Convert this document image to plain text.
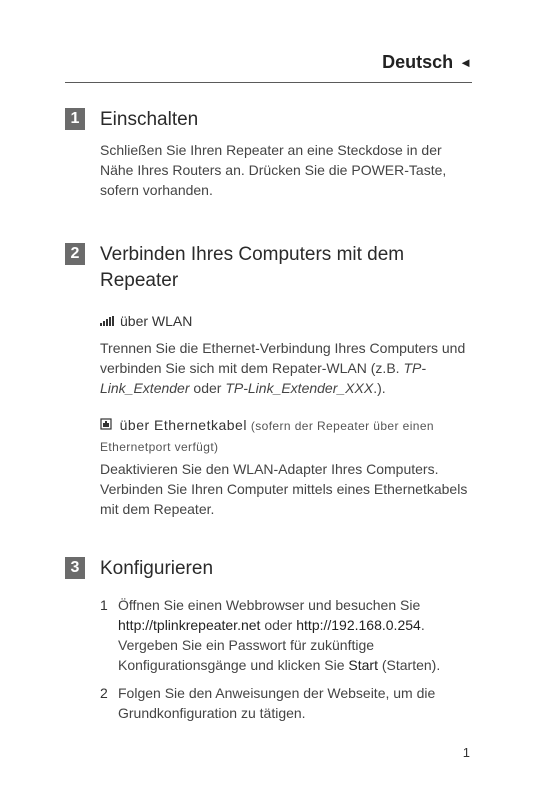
Deutsch ◄
1 Einschalten
Schließen Sie Ihren Repeater an eine Steckdose in der Nähe Ihres Routers an. Drücken Sie die POWER-Taste, sofern vorhanden.
2 Verbinden Ihres Computers mit dem Repeater
über WLAN
Trennen Sie die Ethernet-Verbindung Ihres Computers und verbinden Sie sich mit dem Repater-WLAN (z.B. TP-Link_Extender oder TP-Link_Extender_XXX.).
über Ethernetkabel (sofern der Repeater über einen Ethernetport verfügt)
Deaktivieren Sie den WLAN-Adapter Ihres Computers. Verbinden Sie Ihren Computer mittels eines Ethernetkabels mit dem Repeater.
3 Konfigurieren
1 Öffnen Sie einen Webbrowser und besuchen Sie http://tplinkrepeater.net oder http://192.168.0.254. Vergeben Sie ein Passwort für zukünftige Konfigurationsgänge und klicken Sie Start (Starten).
2 Folgen Sie den Anweisungen der Webseite, um die Grundkonfiguration zu tätigen.
1
